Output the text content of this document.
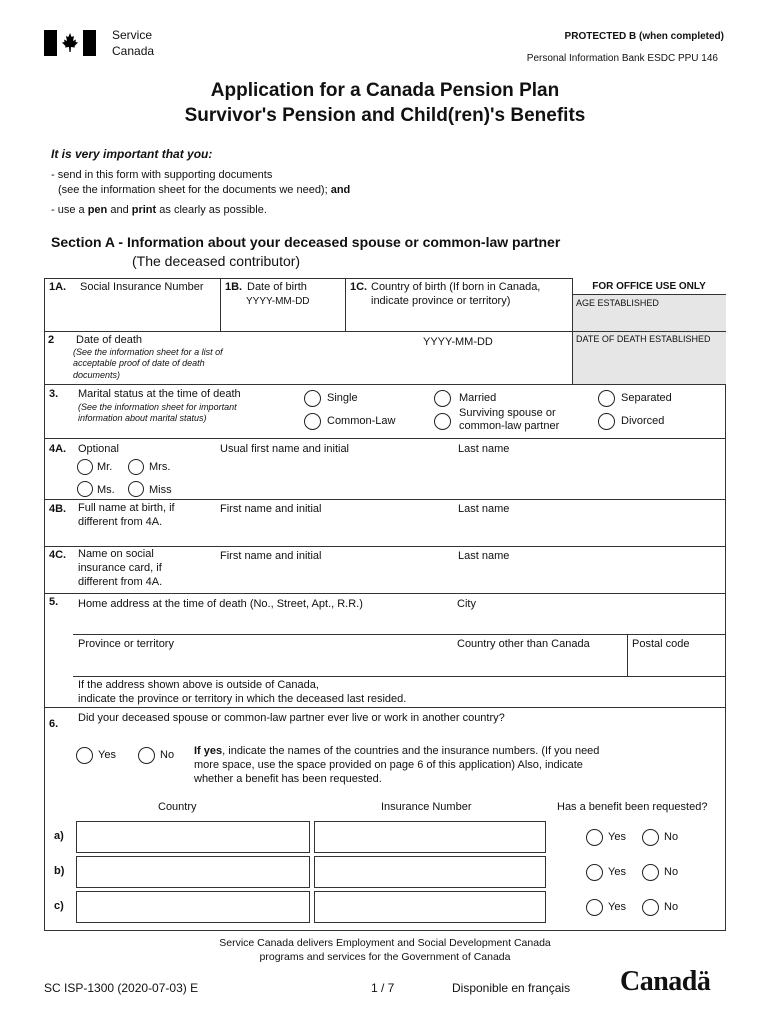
Service
Canada
PROTECTED B (when completed)
Personal Information Bank ESDC PPU 146
Application for a Canada Pension Plan
Survivor's Pension and Child(ren)'s Benefits
It is very important that you:
- send in this form with supporting documents
(see the information sheet for the documents we need); and
- use a pen and print as clearly as possible.
Section A - Information about your deceased spouse or common-law partner
(The deceased contributor)
1A. Social Insurance Number 1B. Date of birth
YYYY-MM-DD
1C. Country of birth (If born in Canada,
indicate province or territory)
FOR OFFICE USE ONLY
AGE ESTABLISHED
DATE OF DEATH ESTABLISHED
2 Date of death
(See the information sheet for a list of acceptable proof of date of death documents)
YYYY-MM-DD
3. Marital status at the time of death
(See the information sheet for important information about marital status)
Single	Married	Separated
Common-Law
Surviving spouse or common-law partner	Divorced
4A. Optional
Mr.	Mrs.
Ms.	Miss
Usual first name and initial	Last name
4B. Full name at birth, if different from 4A.
First name and initial	Last name
4C. Name on social insurance card, if different from 4A.
First name and initial	Last name
5. Home address at the time of death (No., Street, Apt., R.R.)	City
Province or territory	Country other than Canada	Postal code
If the address shown above is outside of Canada,
indicate the province or territory in which the deceased last resided.
6. Did your deceased spouse or common-law partner ever live or work in another country?
Yes	No If yes, indicate the names of the countries and the insurance numbers. (If you need more space, use the space provided on page 6 of this application) Also, indicate whether a benefit has been requested.
Country	Insurance Number	Has a benefit been requested?
a)	Yes	No
b)	Yes	No
c)	Yes	No
Service Canada delivers Employment and Social Development Canada
programs and services for the Government of Canada
SC ISP-1300 (2020-07-03) E	1 / 7	Disponible en français Canadä
